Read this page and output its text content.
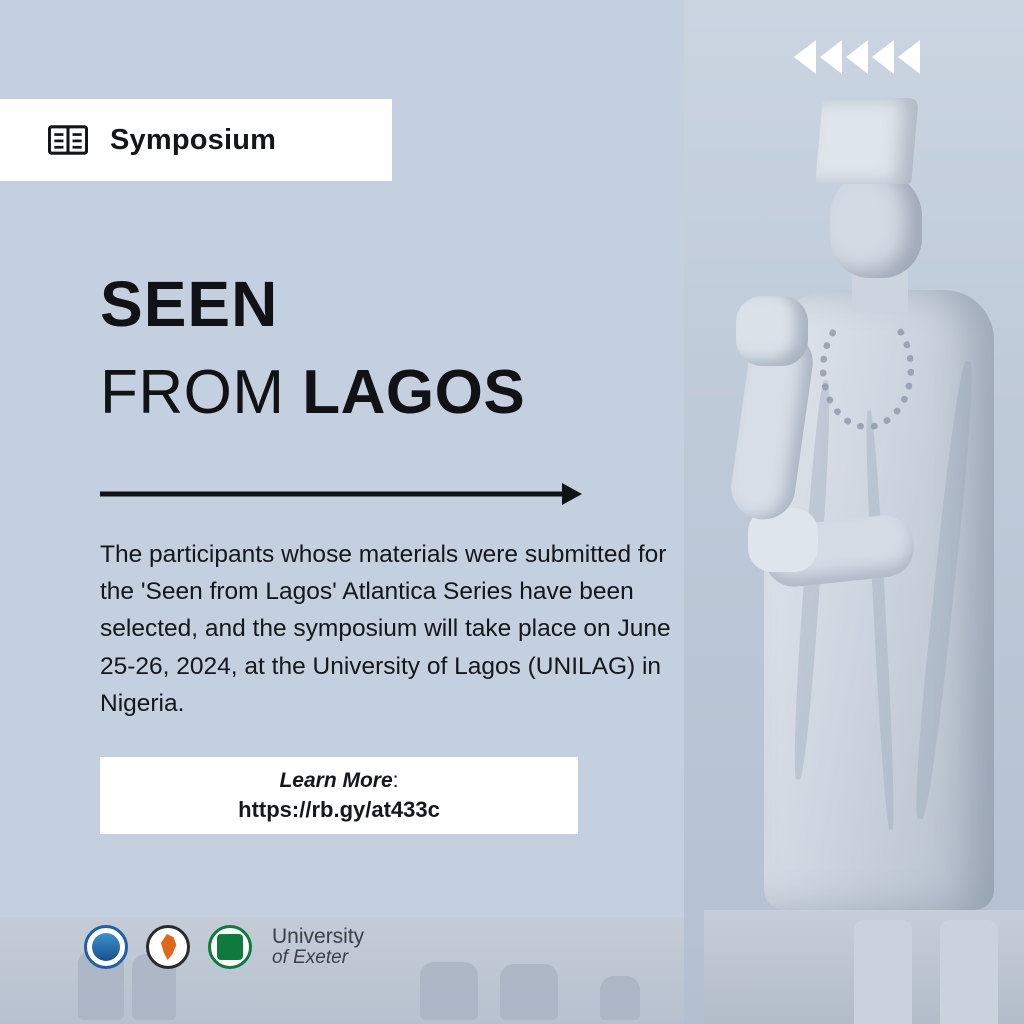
Symposium
SEEN
FROM LAGOS
The participants whose materials were submitted for the 'Seen from Lagos' Atlantica Series have been selected, and the symposium will take place on June 25-26, 2024, at the University of Lagos (UNILAG) in Nigeria.
Learn More:
https://rb.gy/at433c
University
of Exeter
